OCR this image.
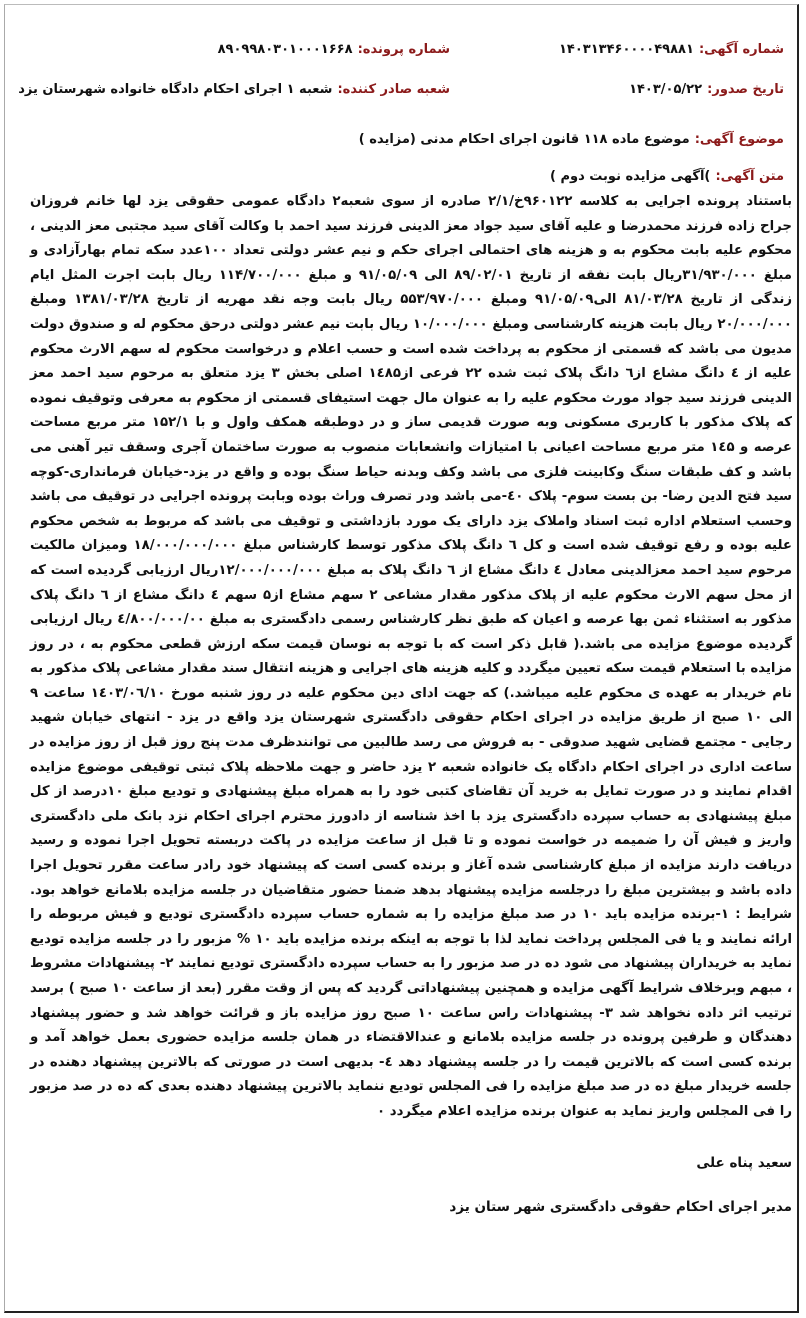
شماره آگهی: ۱۴۰۳۱۳۴۶۰۰۰۰۴۹۸۸۱
شماره پرونده: ۸۹۰۹۹۸۰۳۰۱۰۰۰۱۶۶۸
تاریخ صدور: ۱۴۰۳/۰۵/۲۲
شعبه صادر کننده: شعبه ۱ اجرای احکام دادگاه خانواده شهرستان یزد
موضوع آگهی: موضوع ماده ۱۱۸ قانون اجرای احکام مدنی (مزایده )
متن آگهی: )آگهی مزایده نوبت دوم )
باستناد پرونده اجرایی به کلاسه ۹۶۰۱۲۲خ/۲/۱ صادره از سوی شعبه۲ دادگاه عمومی حقوقی یزد لها خانم فروزان جراح زاده فرزند محمدرضا و علیه آقای سید جواد معز الدینی فرزند سید احمد با وکالت آقای سید مجتبی معز الدینی ، محکوم علیه بابت محکوم به و هزینه های احتمالی اجرای حکم و نیم عشر دولتی تعداد ۱۰۰عدد سکه تمام بهارآزادی و مبلغ ۳۱/۹۳۰/۰۰۰ریال بابت نفقه از تاریخ ۸۹/۰۲/۰۱ الی ۹۱/۰۵/۰۹ و مبلغ ۱۱۴/۷۰۰/۰۰۰ ریال بابت اجرت المثل ایام زندگی از تاریخ ۸۱/۰۳/۲۸ الی۹۱/۰۵/۰۹ ومبلغ ۵۵۳/۹۷۰/۰۰۰ ریال بابت وجه نقد مهریه از تاریخ ۱۳۸۱/۰۳/۲۸ ومبلغ ۲۰/۰۰۰/۰۰۰ ریال بابت هزینه کارشناسی ومبلغ ۱۰/۰۰۰/۰۰۰ ریال بابت نیم عشر دولتی درحق محکوم له و صندوق دولت مدیون می باشد که قسمتی از محکوم به پرداخت شده است و حسب اعلام و درخواست محکوم له سهم الارث محکوم علیه از ٤ دانگ مشاع از٦ دانگ پلاک ثبت شده ۲۲ فرعی از۱٤۸۵ اصلی بخش ۳ یزد متعلق به مرحوم سید احمد معز الدینی فرزند سید جواد مورث محکوم علیه را به عنوان مال جهت استیفای قسمتی از محکوم به معرفی وتوقیف نموده که پلاک مذکور با کاربری مسکونی وبه صورت قدیمی ساز و در دوطبقه همکف واول و با ۱۵۲/۱ متر مربع مساحت عرصه و ۱٤۵ متر مربع مساحت اعیانی با امتیازات وانشعابات منصوب به صورت ساختمان آجری وسقف تیر آهنی می باشد و کف طبقات سنگ وکابینت فلزی می باشد وکف وبدنه حیاط سنگ بوده و واقع در یزد-خیابان فرمانداری-کوچه سید فتح الدین رضا- بن بست سوم- پلاک ٤۰-می باشد ودر تصرف وراث بوده وبابت پرونده اجرایی در توقیف می باشد وحسب استعلام اداره ثبت اسناد واملاک یزد دارای یک مورد بازداشتی و توقیف می باشد که مربوط به شخص محکوم علیه بوده و رفع توقیف شده است و کل ٦ دانگ پلاک مذکور توسط کارشناس مبلغ ۱۸/۰۰۰/۰۰۰/۰۰۰ ومیزان مالکیت مرحوم سید احمد معزالدینی معادل ٤ دانگ مشاع از ٦ دانگ پلاک به مبلغ ۱۲/۰۰۰/۰۰۰/۰۰۰ریال ارزیابی گردیده است که از محل سهم الارث محکوم علیه از پلاک مذکور مقدار مشاعی ۲ سهم مشاع از۵ سهم ٤ دانگ مشاع از ٦ دانگ پلاک مذکور به استثناء ثمن بها عرصه و اعیان که طبق نظر کارشناس رسمی دادگستری به مبلغ ٤/۸۰۰/۰۰۰/۰۰ ریال ارزیابی گردیده موضوع مزایده می باشد.( قابل ذکر است که با توجه به نوسان قیمت سکه ارزش قطعی محکوم به ، در روز مزایده با استعلام قیمت سکه تعیین میگردد و کلیه هزینه های اجرایی و هزینه انتقال سند مقدار مشاعی پلاک مذکور به نام خریدار به عهده ی محکوم علیه میباشد.) که جهت ادای دین محکوم علیه در روز شنبه مورخ ۱٤۰۳/۰٦/۱۰ ساعت ۹ الی ۱۰ صبح از طریق مزایده در اجرای احکام حقوقی دادگستری شهرستان یزد واقع در یزد - انتهای خیابان شهید رجایی - مجتمع قضایی شهید صدوقی - به فروش می رسد طالبین می توانندظرف مدت پنج روز قبل از روز مزایده در ساعت اداری در اجرای احکام دادگاه یک خانواده شعبه ۲ یزد حاضر و جهت ملاحظه پلاک ثبتی توقیفی موضوع مزایده اقدام نمایند و در صورت تمایل به خرید آن تقاضای کتبی خود را به همراه مبلغ پیشنهادی و تودیع مبلغ ۱۰درصد از کل مبلغ پیشنهادی به حساب سپرده دادگستری یزد با اخذ شناسه از دادورز محترم اجرای احکام نزد بانک ملی دادگستری واریز و فیش آن را ضمیمه در خواست نموده و تا قبل از ساعت مزایده در پاکت دربسته تحویل اجرا نموده و رسید دریافت دارند مزایده از مبلغ کارشناسی شده آغاز و برنده کسی است که پیشنهاد خود رادر ساعت مقرر تحویل اجرا داده باشد و بیشترین مبلغ را درجلسه مزایده پیشنهاد بدهد ضمنا حضور متقاضیان در جلسه مزایده بلامانع خواهد بود. شرایط : ۱-برنده مزایده باید ۱۰ در صد مبلغ مزایده را به شماره حساب سپرده دادگستری تودیع و فیش مربوطه را ارائه نمایند و یا فی المجلس پرداخت نماید لذا با توجه به اینکه برنده مزایده باید ۱۰ % مزبور را در جلسه مزایده تودیع نماید به خریداران پیشنهاد می شود ده در صد مزبور را به حساب سپرده دادگستری تودیع نمایند ۲- پیشنهادات مشروط ، مبهم وبرخلاف شرایط آگهی مزایده و همچنین پیشنهاداتی گردید که پس از وقت مقرر (بعد از ساعت ۱۰ صبح ) برسد ترتیب اثر داده نخواهد شد ۳- پیشنهادات راس ساعت ۱۰ صبح روز مزایده باز و قرائت خواهد شد و حضور پیشنهاد دهندگان و طرفین پرونده در جلسه مزایده بلامانع و عندالاقتضاء در همان جلسه مزایده حضوری بعمل خواهد آمد و برنده کسی است که بالاترین قیمت را در جلسه پیشنهاد دهد ٤- بدیهی است در صورتی که بالاترین پیشنهاد دهنده در جلسه خریدار مبلغ ده در صد مبلغ مزایده را فی المجلس تودیع ننماید بالاترین پیشنهاد دهنده بعدی که ده در صد مزبور را فی المجلس واریز نماید به عنوان برنده مزایده اعلام میگردد ٠
سعید پناه علی
مدیر اجرای احکام حقوقی دادگستری شهر ستان یزد
